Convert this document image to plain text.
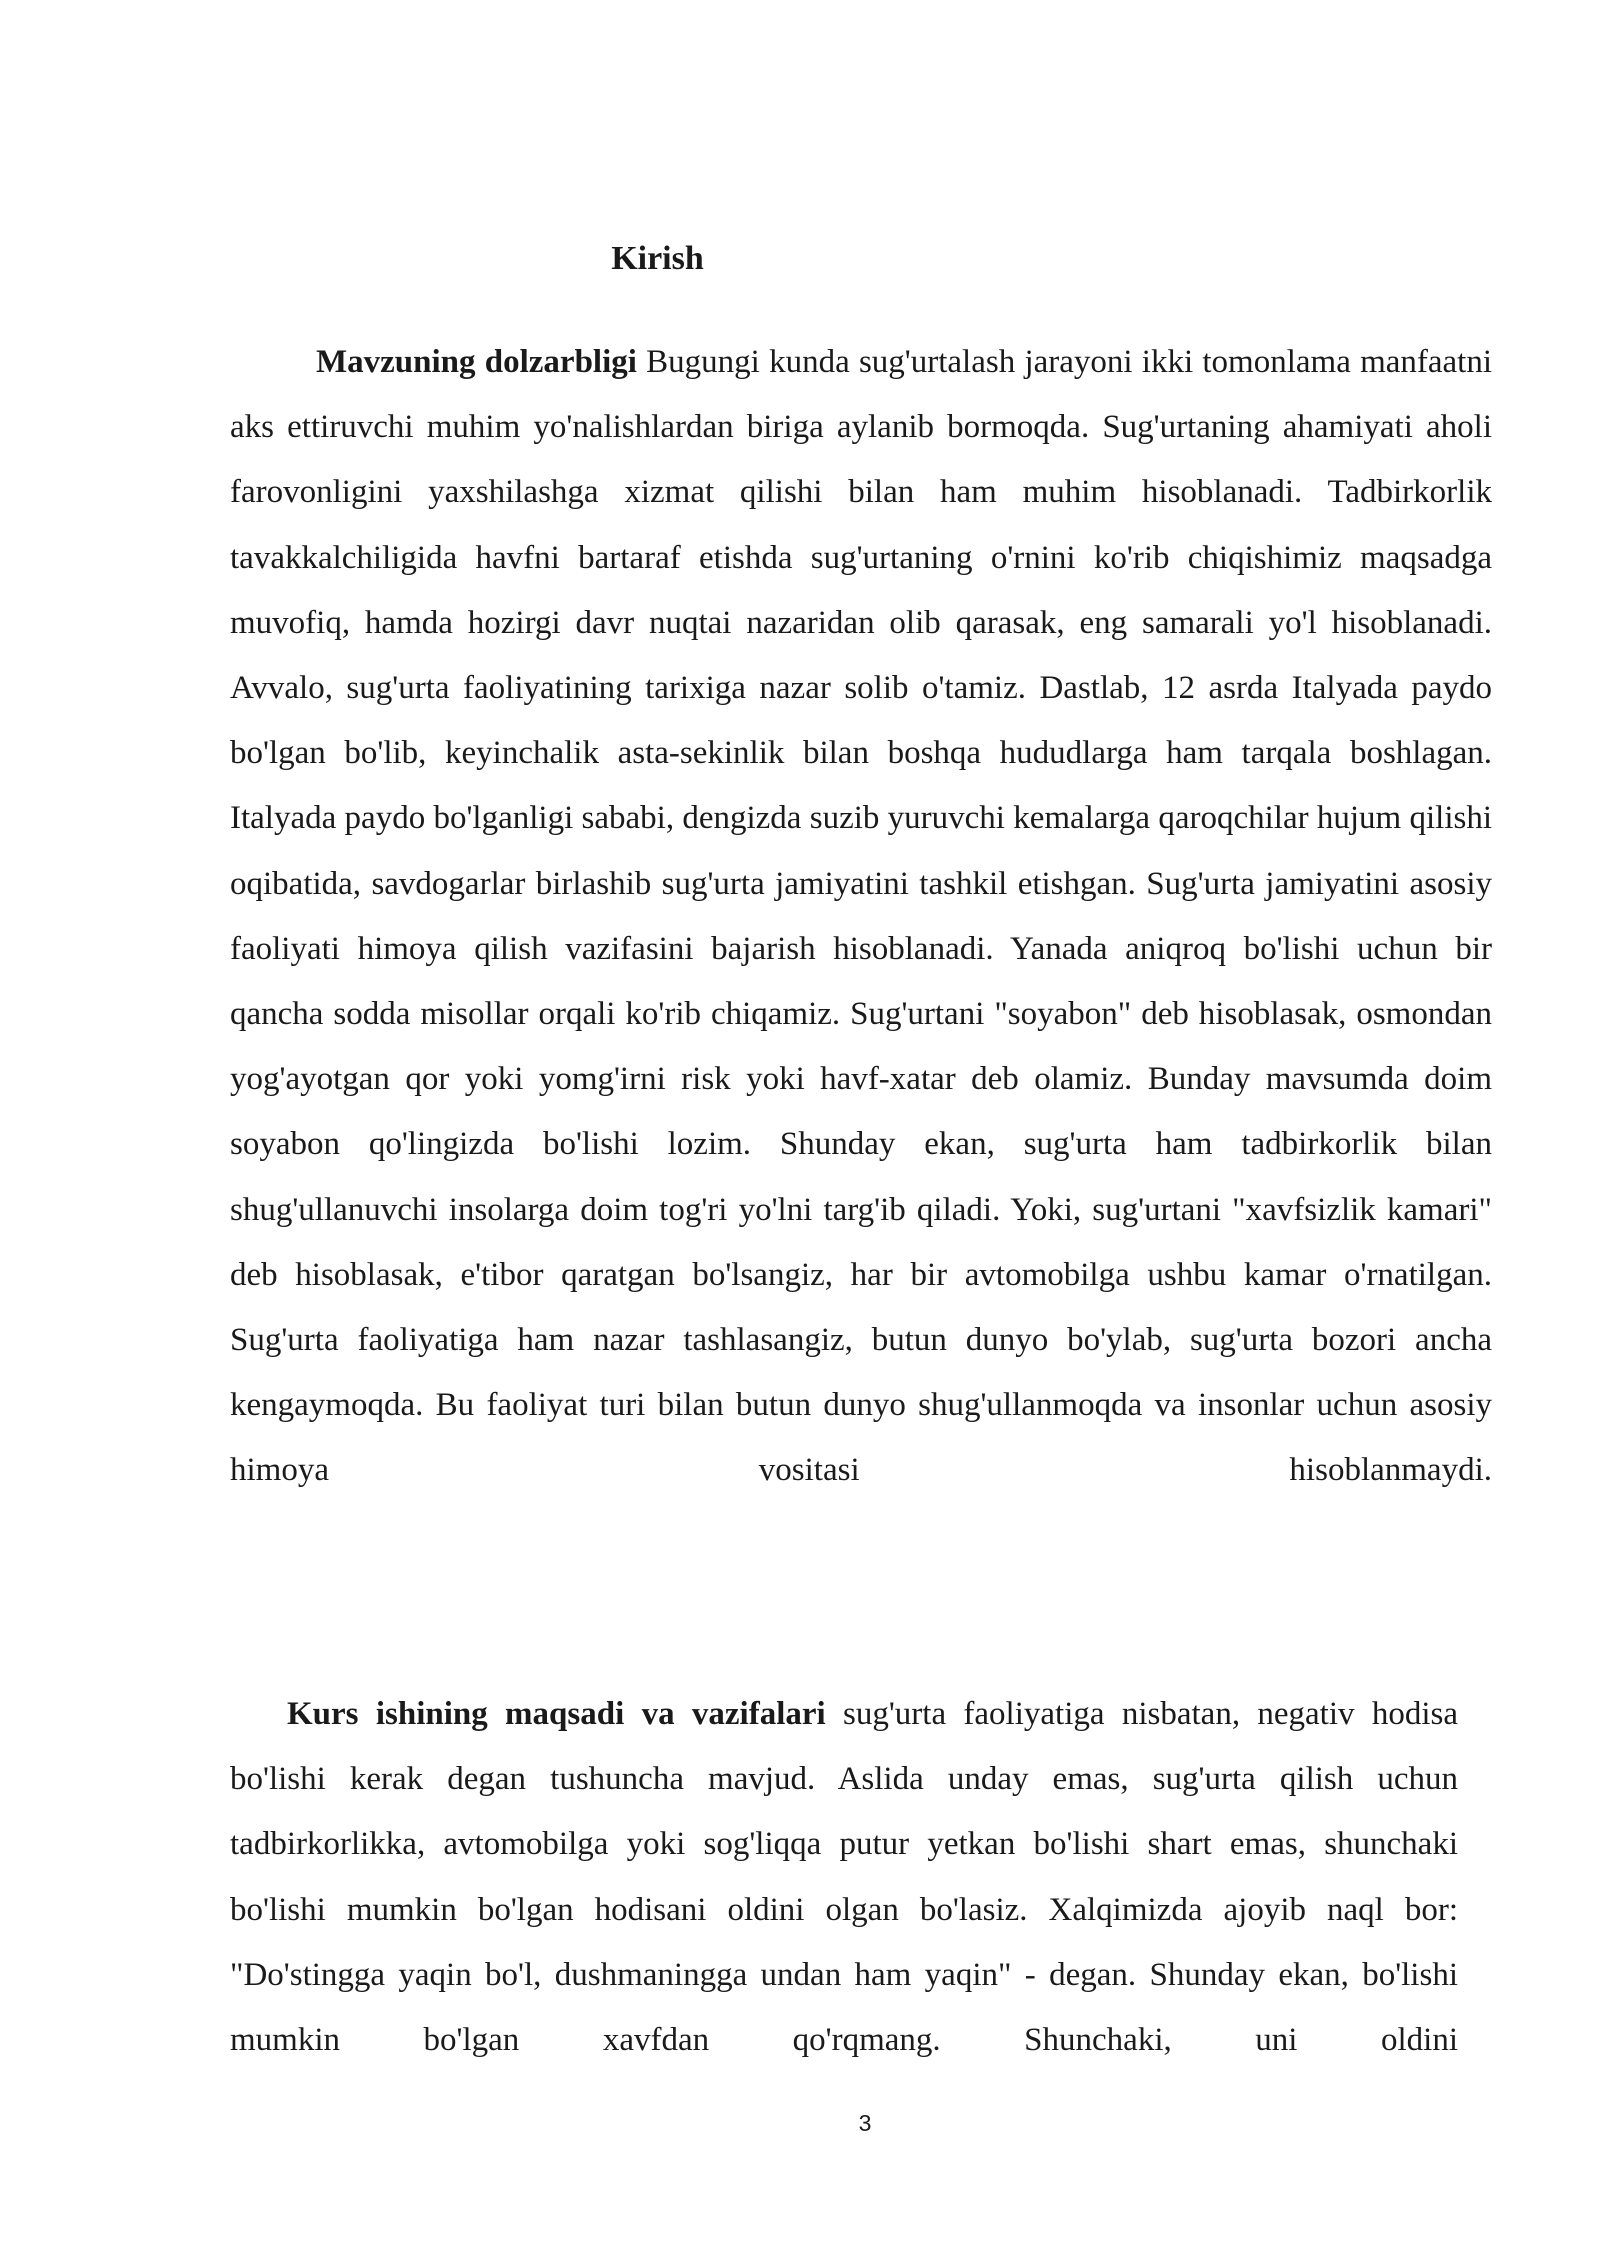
Kirish

Mavzuning dolzarbligi Bugungi kunda sug'urtalash jarayoni ikki tomonlama manfaatni aks ettiruvchi muhim yo'nalishlardan biriga aylanib bormoqda. Sug'urtaning ahamiyati aholi farovonligini yaxshilashga xizmat qilishi bilan ham muhim hisoblanadi. Tadbirkorlik tavakkalchiligida havfni bartaraf etishda sug'urtaning o'rnini ko'rib chiqishimiz maqsadga muvofiq, hamda hozirgi davr nuqtai nazaridan olib qarasak, eng samarali yo'l hisoblanadi. Avvalo, sug'urta faoliyatining tarixiga nazar solib o'tamiz. Dastlab, 12 asrda Italyada paydo bo'lgan bo'lib, keyinchalik asta-sekinlik bilan boshqa hududlarga ham tarqala boshlagan. Italyada paydo bo'lganligi sababi, dengizda suzib yuruvchi kemalarga qaroqchilar hujum qilishi oqibatida, savdogarlar birlashib sug'urta jamiyatini tashkil etishgan. Sug'urta jamiyatini asosiy faoliyati himoya qilish vazifasini bajarish hisoblanadi. Yanada aniqroq bo'lishi uchun bir qancha sodda misollar orqali ko'rib chiqamiz. Sug'urtani "soyabon" deb hisoblasak, osmondan yog'ayotgan qor yoki yomg'irni risk yoki havf-xatar deb olamiz. Bunday mavsumda doim soyabon qo'lingizda bo'lishi lozim. Shunday ekan, sug'urta ham tadbirkorlik bilan shug'ullanuvchi insolarga doim tog'ri yo'lni targ'ib qiladi. Yoki, sug'urtani "xavfsizlik kamari" deb hisoblasak, e'tibor qaratgan bo'lsangiz, har bir avtomobilga ushbu kamar o'rnatilgan. Sug'urta faoliyatiga ham nazar tashlasangiz, butun dunyo bo'ylab, sug'urta bozori ancha kengaymoqda. Bu faoliyat turi bilan butun dunyo shug'ullanmoqda va insonlar uchun asosiy himoya vositasi hisoblanmaydi.

Kurs ishining maqsadi va vazifalari sug'urta faoliyatiga nisbatan, negativ hodisa bo'lishi kerak degan tushuncha mavjud. Aslida unday emas, sug'urta qilish uchun tadbirkorlikka, avtomobilga yoki sog'liqqa putur yetkan bo'lishi shart emas, shunchaki bo'lishi mumkin bo'lgan hodisani oldini olgan bo'lasiz. Xalqimizda ajoyib naql bor: "Do'stingga yaqin bo'l, dushmaningga undan ham yaqin" - degan. Shunday ekan, bo'lishi mumkin bo'lgan xavfdan qo'rqmang. Shunchaki, uni oldini

3
